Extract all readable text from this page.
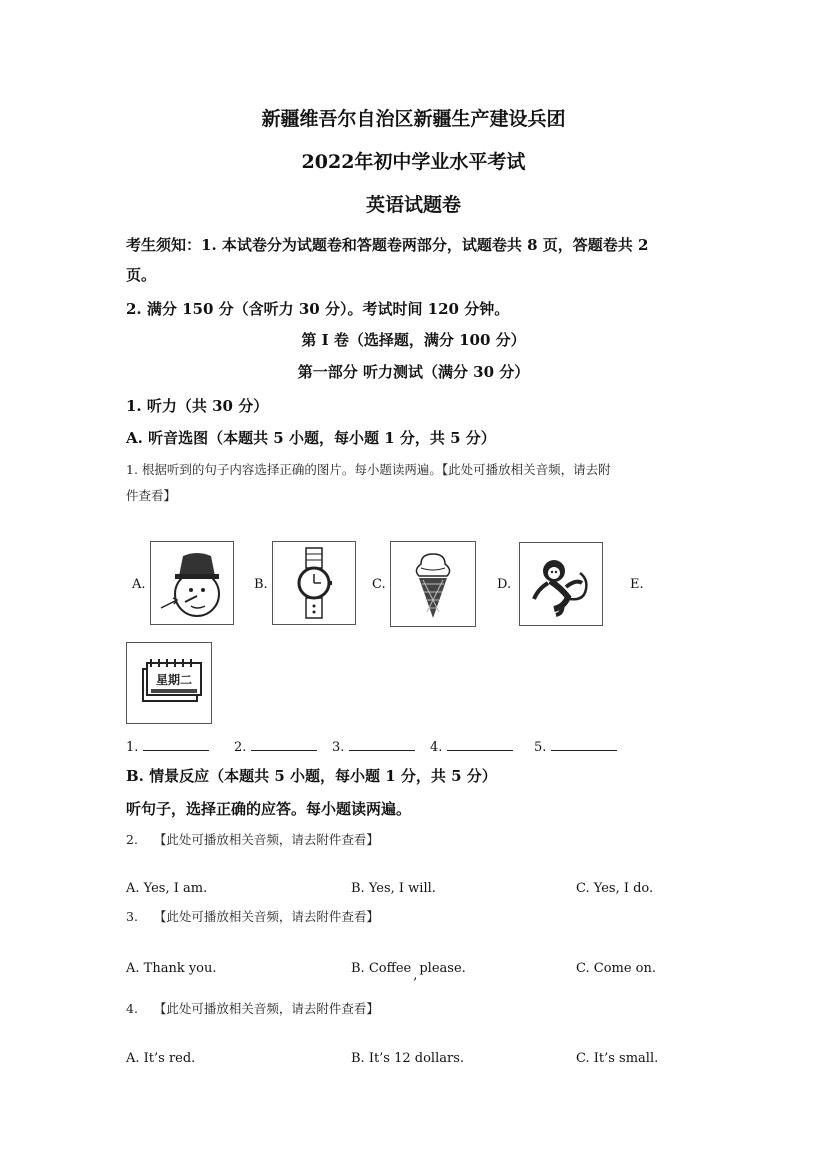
新疆维吾尔自治区新疆生产建设兵团
2022年初中学业水平考试
英语试题卷
考生须知：1. 本试卷分为试题卷和答题卷两部分，试题卷共 8 页，答题卷共 2
页。
2. 满分 150 分（含听力 30 分）。考试时间 120 分钟。
第 I 卷（选择题，满分 100 分）
第一部分 听力测试（满分 30 分）
1. 听力（共 30 分）
A. 听音选图（本题共 5 小题，每小题 1 分，共 5 分）
1. 根据听到的句子内容选择正确的图片。每小题读两遍。【此处可播放相关音频，请去附
件查看】
A.	B.	C.	D.	E.
星期二
1.	2.	3.	4.	5.
B. 情景反应（本题共 5 小题，每小题 1 分，共 5 分）
听句子，选择正确的应答。每小题读两遍。
2. 【此处可播放相关音频，请去附件查看】
A. Yes, I am.	B. Yes, I will.	C. Yes, I do.
3. 【此处可播放相关音频，请去附件查看】
A. Thank you.	B. Coffee , please.	C. Come on.
4. 【此处可播放相关音频，请去附件查看】
A. It’s red.	B. It’s 12 dollars.	C. It’s small.
